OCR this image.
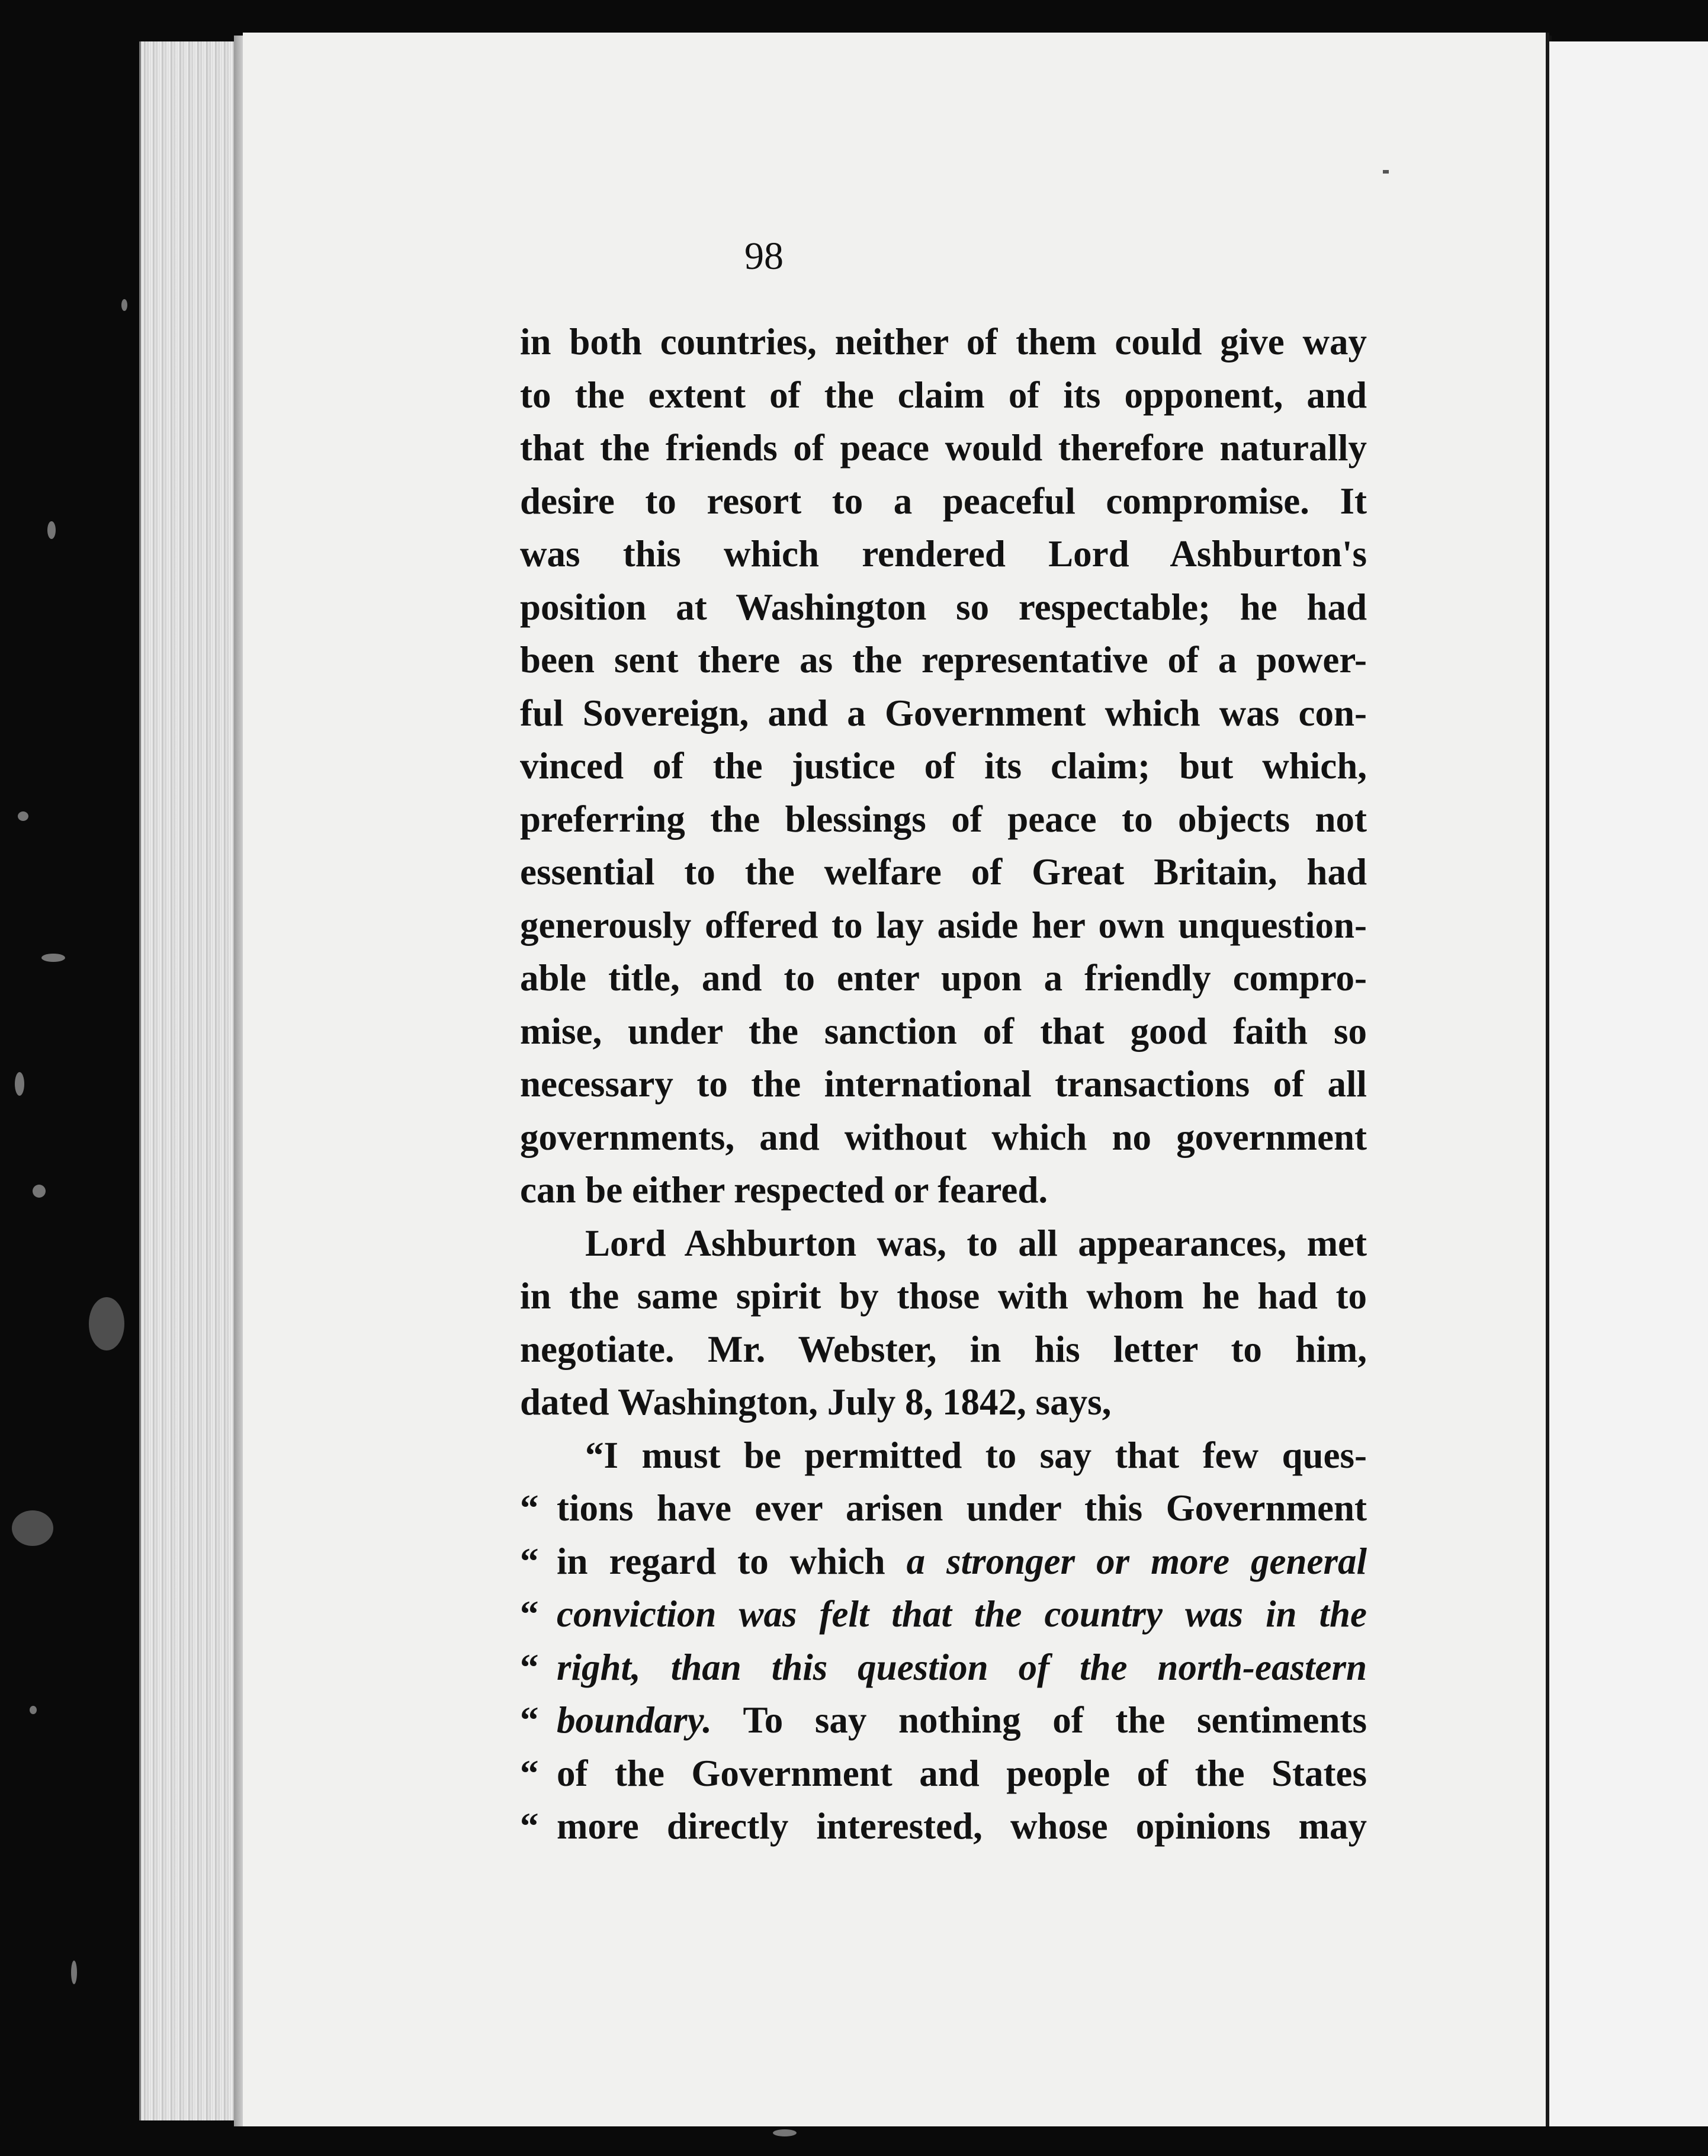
98
in both countries, neither of them could give way
to the extent of the claim of its opponent, and
that the friends of peace would therefore naturally
desire to resort to a peaceful compromise. It
was this which rendered Lord Ashburton's
position at Washington so respectable; he had
been sent there as the representative of a power-
ful Sovereign, and a Government which was con-
vinced of the justice of its claim; but which,
preferring the blessings of peace to objects not
essential to the welfare of Great Britain, had
generously offered to lay aside her own unquestion-
able title, and to enter upon a friendly compro-
mise, under the sanction of that good faith so
necessary to the international transactions of all
governments, and without which no government
can be either respected or feared.
Lord Ashburton was, to all appearances, met
in the same spirit by those with whom he had to
negotiate. Mr. Webster, in his letter to him,
dated Washington, July 8, 1842, says,
“I must be permitted to say that few ques-
“ tions have ever arisen under this Government
“ in regard to which a stronger or more general
“ conviction was felt that the country was in the
“ right, than this question of the north-eastern
“ boundary. To say nothing of the sentiments
“ of the Government and people of the States
“ more directly interested, whose opinions may
